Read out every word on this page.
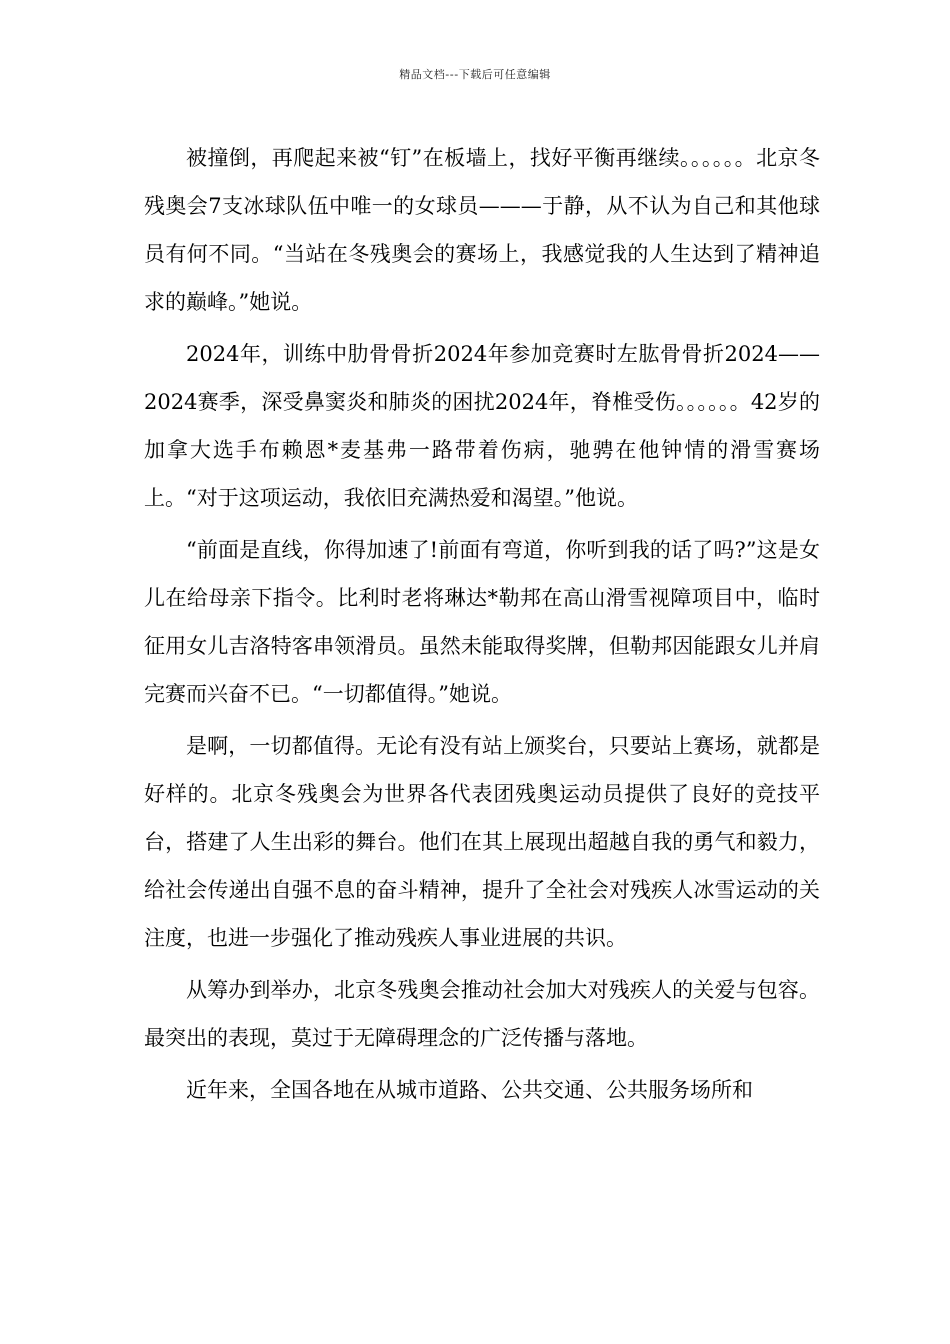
精品文档---下载后可任意编辑

被撞倒，再爬起来被“钉”在板墙上，找好平衡再继续。。。。。。北京冬残奥会7支冰球队伍中唯一的女球员———于静，从不认为自己和其他球员有何不同。“当站在冬残奥会的赛场上，我感觉我的人生达到了精神追求的巅峰。”她说。

2024年，训练中肋骨骨折2024年参加竞赛时左肱骨骨折2024——2024赛季，深受鼻窦炎和肺炎的困扰2024年，脊椎受伤。。。。。。42岁的加拿大选手布赖恩*麦基弗一路带着伤病，驰骋在他钟情的滑雪赛场上。“对于这项运动，我依旧充满热爱和渴望。”他说。

“前面是直线，你得加速了!前面有弯道，你听到我的话了吗?”这是女儿在给母亲下指令。比利时老将琳达*勒邦在高山滑雪视障项目中，临时征用女儿吉洛特客串领滑员。虽然未能取得奖牌，但勒邦因能跟女儿并肩完赛而兴奋不已。“一切都值得。”她说。

是啊，一切都值得。无论有没有站上颁奖台，只要站上赛场，就都是好样的。北京冬残奥会为世界各代表团残奥运动员提供了良好的竞技平台，搭建了人生出彩的舞台。他们在其上展现出超越自我的勇气和毅力，给社会传递出自强不息的奋斗精神，提升了全社会对残疾人冰雪运动的关注度，也进一步强化了推动残疾人事业进展的共识。

从筹办到举办，北京冬残奥会推动社会加大对残疾人的关爱与包容。最突出的表现，莫过于无障碍理念的广泛传播与落地。

近年来，全国各地在从城市道路、公共交通、公共服务场所和
